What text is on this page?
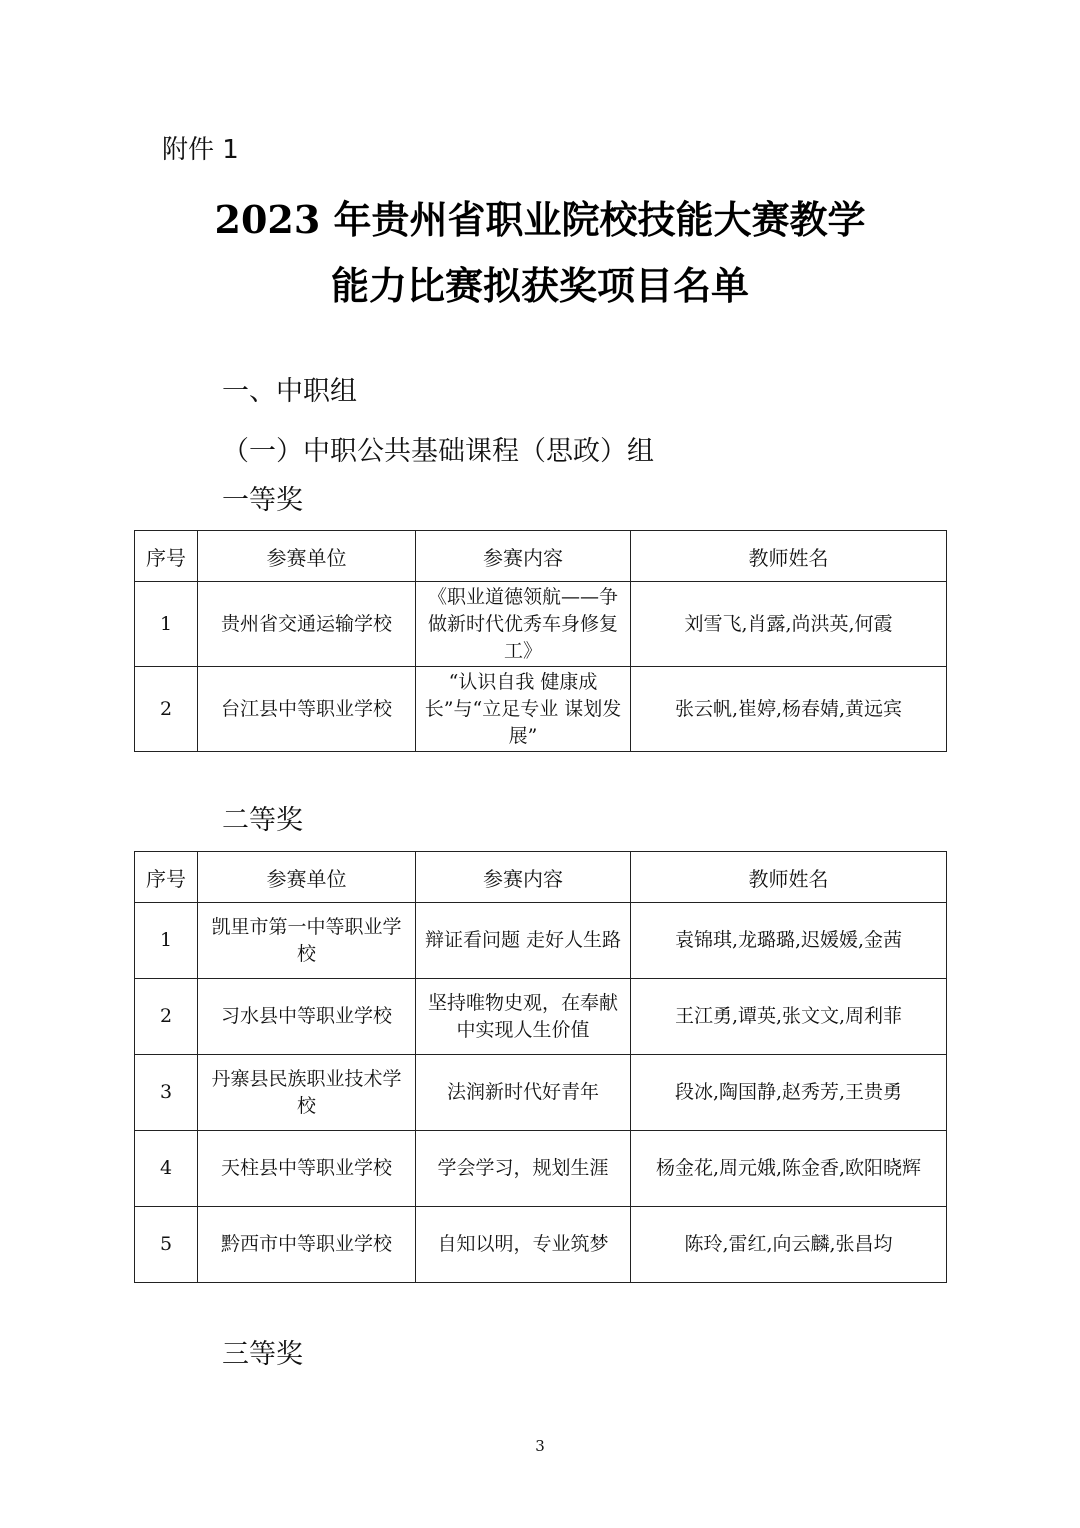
附件 1
2023 年贵州省职业院校技能大赛教学
能力比赛拟获奖项目名单
一、中职组
（一）中职公共基础课程（思政）组
一等奖
序号	参赛单位	参赛内容	教师姓名
1	贵州省交通运输学校	《职业道德领航——争做新时代优秀车身修复工》	刘雪飞,肖露,尚洪英,何霞
2	台江县中等职业学校	“认识自我 健康成长”与“立足专业 谋划发展”	张云帆,崔婷,杨春婧,黄远宾
二等奖
序号	参赛单位	参赛内容	教师姓名
1	凯里市第一中等职业学校	辩证看问题 走好人生路	袁锦琪,龙璐璐,迟媛媛,金茜
2	习水县中等职业学校	坚持唯物史观，在奉献中实现人生价值	王江勇,谭英,张文文,周利菲
3	丹寨县民族职业技术学校	法润新时代好青年	段冰,陶国静,赵秀芳,王贵勇
4	天柱县中等职业学校	学会学习，规划生涯	杨金花,周元娥,陈金香,欧阳晓辉
5	黔西市中等职业学校	自知以明，专业筑梦	陈玲,雷红,向云麟,张昌均
三等奖
3
